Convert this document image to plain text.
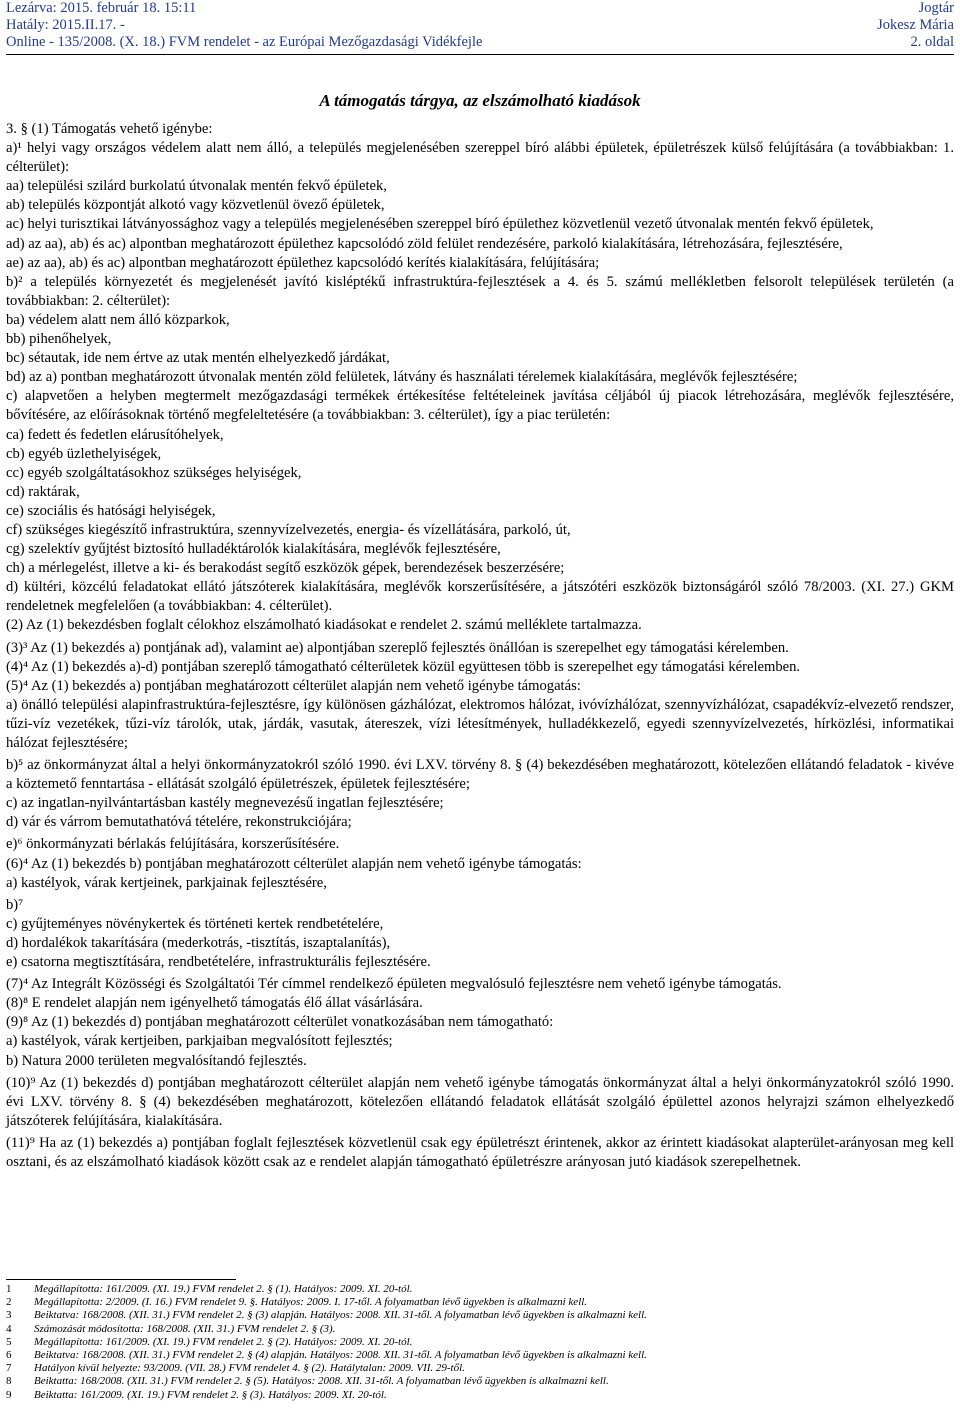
Lezárva: 2015. február 18. 15:11
Hatály: 2015.II.17. -
Online - 135/2008. (X. 18.) FVM rendelet - az Európai Mezőgazdasági Vidékfejle
Jogtár
Jokesz Mária
2. oldal
A támogatás tárgya, az elszámolható kiadások

3. § (1) Támogatás vehető igénybe:

a)¹ helyi vagy országos védelem alatt nem álló, a település megjelenésében szereppel bíró alábbi épületek, épületrészek külső felújítására (a továbbiakban: 1. célterület):

aa) települési szilárd burkolatú útvonalak mentén fekvő épületek,

ab) település központját alkotó vagy közvetlenül övező épületek,

ac) helyi turisztikai látványossághoz vagy a település megjelenésében szereppel bíró épülethez közvetlenül vezető útvonalak mentén fekvő épületek,

ad) az aa), ab) és ac) alpontban meghatározott épülethez kapcsolódó zöld felület rendezésére, parkoló kialakítására, létrehozására, fejlesztésére,

ae) az aa), ab) és ac) alpontban meghatározott épülethez kapcsolódó kerítés kialakítására, felújítására;

b)² a település környezetét és megjelenését javító kisléptékű infrastruktúra-fejlesztések a 4. és 5. számú mellékletben felsorolt települések területén (a továbbiakban: 2. célterület):

ba) védelem alatt nem álló közparkok,

bb) pihenőhelyek,

bc) sétautak, ide nem értve az utak mentén elhelyezkedő járdákat,

bd) az a) pontban meghatározott útvonalak mentén zöld felületek, látvány és használati térelemek kialakítására, meglévők fejlesztésére;

c) alapvetően a helyben megtermelt mezőgazdasági termékek értékesítése feltételeinek javítása céljából új piacok létrehozására, meglévők fejlesztésére, bővítésére, az előírásoknak történő megfeleltetésére (a továbbiakban: 3. célterület), így a piac területén:

ca) fedett és fedetlen elárusítóhelyek,

cb) egyéb üzlethelyiségek,

cc) egyéb szolgáltatásokhoz szükséges helyiségek,

cd) raktárak,

ce) szociális és hatósági helyiségek,

cf) szükséges kiegészítő infrastruktúra, szennyvízelvezetés, energia- és vízellátására, parkoló, út,

cg) szelektív gyűjtést biztosító hulladéktárolók kialakítására, meglévők fejlesztésére,

ch) a mérlegelést, illetve a ki- és berakodást segítő eszközök gépek, berendezések beszerzésére;

d) kültéri, közcélú feladatokat ellátó játszóterek kialakítására, meglévők korszerűsítésére, a játszótéri eszközök biztonságáról szóló 78/2003. (XI. 27.) GKM rendeletnek megfelelően (a továbbiakban: 4. célterület).

(2) Az (1) bekezdésben foglalt célokhoz elszámolható kiadásokat e rendelet 2. számú melléklete tartalmazza.

(3)³ Az (1) bekezdés a) pontjának ad), valamint ae) alpontjában szereplő fejlesztés önállóan is szerepelhet egy támogatási kérelemben.

(4)⁴ Az (1) bekezdés a)-d) pontjában szereplő támogatható célterületek közül együttesen több is szerepelhet egy támogatási kérelemben.

(5)⁴ Az (1) bekezdés a) pontjában meghatározott célterület alapján nem vehető igénybe támogatás:

a) önálló települési alapinfrastruktúra-fejlesztésre, így különösen gázhálózat, elektromos hálózat, ivóvízhálózat, szennyvízhálózat, csapadékvíz-elvezető rendszer, tűzi-víz vezetékek, tűzi-víz tárolók, utak, járdák, vasutak, átereszek, vízi létesítmények, hulladékkezelő, egyedi szennyvízelvezetés, hírközlési, informatikai hálózat fejlesztésére;

b)⁵ az önkormányzat által a helyi önkormányzatokról szóló 1990. évi LXV. törvény 8. § (4) bekezdésében meghatározott, kötelezően ellátandó feladatok - kivéve a köztemető fenntartása - ellátását szolgáló épületrészek, épületek fejlesztésére;

c) az ingatlan-nyilvántartásban kastély megnevezésű ingatlan fejlesztésére;

d) vár és várrom bemutathatóvá tételére, rekonstrukciójára;

e)⁶ önkormányzati bérlakás felújítására, korszerűsítésére.

(6)⁴ Az (1) bekezdés b) pontjában meghatározott célterület alapján nem vehető igénybe támogatás:

a) kastélyok, várak kertjeinek, parkjainak fejlesztésére,

b)⁷

c) gyűjteményes növénykertek és történeti kertek rendbetételére,

d) hordalékok takarítására (mederkotrás, -tisztítás, iszaptalanítás),

e) csatorna megtisztítására, rendbetételére, infrastrukturális fejlesztésére.

(7)⁴ Az Integrált Közösségi és Szolgáltatói Tér címmel rendelkező épületen megvalósuló fejlesztésre nem vehető igénybe támogatás.

(8)⁸ E rendelet alapján nem igényelhető támogatás élő állat vásárlására.

(9)⁸ Az (1) bekezdés d) pontjában meghatározott célterület vonatkozásában nem támogatható:

a) kastélyok, várak kertjeiben, parkjaiban megvalósított fejlesztés;

b) Natura 2000 területen megvalósítandó fejlesztés.

(10)⁹ Az (1) bekezdés d) pontjában meghatározott célterület alapján nem vehető igénybe támogatás önkormányzat által a helyi önkormányzatokról szóló 1990. évi LXV. törvény 8. § (4) bekezdésében meghatározott, kötelezően ellátandó feladatok ellátását szolgáló épülettel azonos helyrajzi számon elhelyezkedő játszóterek felújítására, kialakítására.

(11)⁹ Ha az (1) bekezdés a) pontjában foglalt fejlesztések közvetlenül csak egy épületrészt érintenek, akkor az érintett kiadásokat alapterület-arányosan meg kell osztani, és az elszámolható kiadások között csak az e rendelet alapján támogatható épületrészre arányosan jutó kiadások szerepelhetnek.

1	Megállapította: 161/2009. (XI. 19.) FVM rendelet 2. § (1). Hatályos: 2009. XI. 20-tól.
2	Megállapította: 2/2009. (I. 16.) FVM rendelet 9. §. Hatályos: 2009. I. 17-től. A folyamatban lévő ügyekben is alkalmazni kell.
3	Beiktatva: 168/2008. (XII. 31.) FVM rendelet 2. § (3) alapján. Hatályos: 2008. XII. 31-től. A folyamatban lévő ügyekben is alkalmazni kell.
4	Számozását módosította: 168/2008. (XII. 31.) FVM rendelet 2. § (3).
5	Megállapította: 161/2009. (XI. 19.) FVM rendelet 2. § (2). Hatályos: 2009. XI. 20-tól.
6	Beiktatva: 168/2008. (XII. 31.) FVM rendelet 2. § (4) alapján. Hatályos: 2008. XII. 31-től. A folyamatban lévő ügyekben is alkalmazni kell.
7	Hatályon kívül helyezte: 93/2009. (VII. 28.) FVM rendelet 4. § (2). Hatálytalan: 2009. VII. 29-től.
8	Beiktatta: 168/2008. (XII. 31.) FVM rendelet 2. § (5). Hatályos: 2008. XII. 31-től. A folyamatban lévő ügyekben is alkalmazni kell.
9	Beiktatta: 161/2009. (XI. 19.) FVM rendelet 2. § (3). Hatályos: 2009. XI. 20-tól.
